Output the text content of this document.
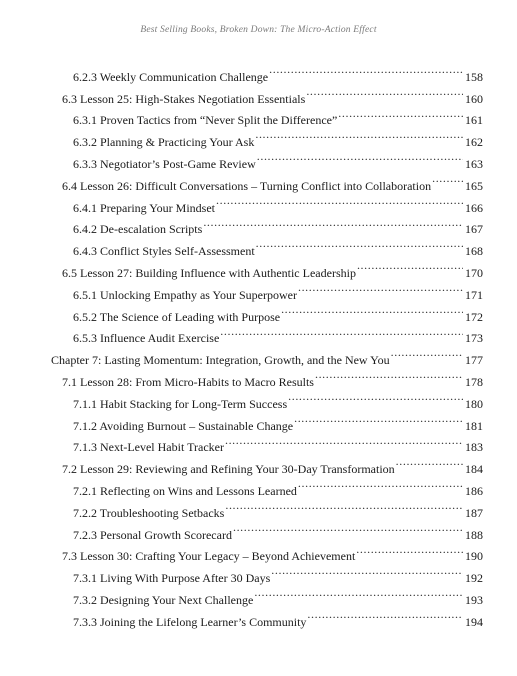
Best Selling Books, Broken Down: The Micro-Action Effect
6.2.3 Weekly Communication Challenge .....	158
6.3 Lesson 25: High-Stakes Negotiation Essentials .....	160
6.3.1 Proven Tactics from “Never Split the Difference” .....	161
6.3.2 Planning & Practicing Your Ask .....	162
6.3.3 Negotiator’s Post-Game Review .....	163
6.4 Lesson 26: Difficult Conversations – Turning Conflict into Collaboration .....	165
6.4.1 Preparing Your Mindset .....	166
6.4.2 De-escalation Scripts .....	167
6.4.3 Conflict Styles Self-Assessment .....	168
6.5 Lesson 27: Building Influence with Authentic Leadership .....	170
6.5.1 Unlocking Empathy as Your Superpower .....	171
6.5.2 The Science of Leading with Purpose .....	172
6.5.3 Influence Audit Exercise .....	173
Chapter 7: Lasting Momentum: Integration, Growth, and the New You .....	177
7.1 Lesson 28: From Micro-Habits to Macro Results .....	178
7.1.1 Habit Stacking for Long-Term Success .....	180
7.1.2 Avoiding Burnout – Sustainable Change .....	181
7.1.3 Next-Level Habit Tracker .....	183
7.2 Lesson 29: Reviewing and Refining Your 30-Day Transformation .....	184
7.2.1 Reflecting on Wins and Lessons Learned .....	186
7.2.2 Troubleshooting Setbacks .....	187
7.2.3 Personal Growth Scorecard .....	188
7.3 Lesson 30: Crafting Your Legacy – Beyond Achievement .....	190
7.3.1 Living With Purpose After 30 Days .....	192
7.3.2 Designing Your Next Challenge .....	193
7.3.3 Joining the Lifelong Learner’s Community .....	194
